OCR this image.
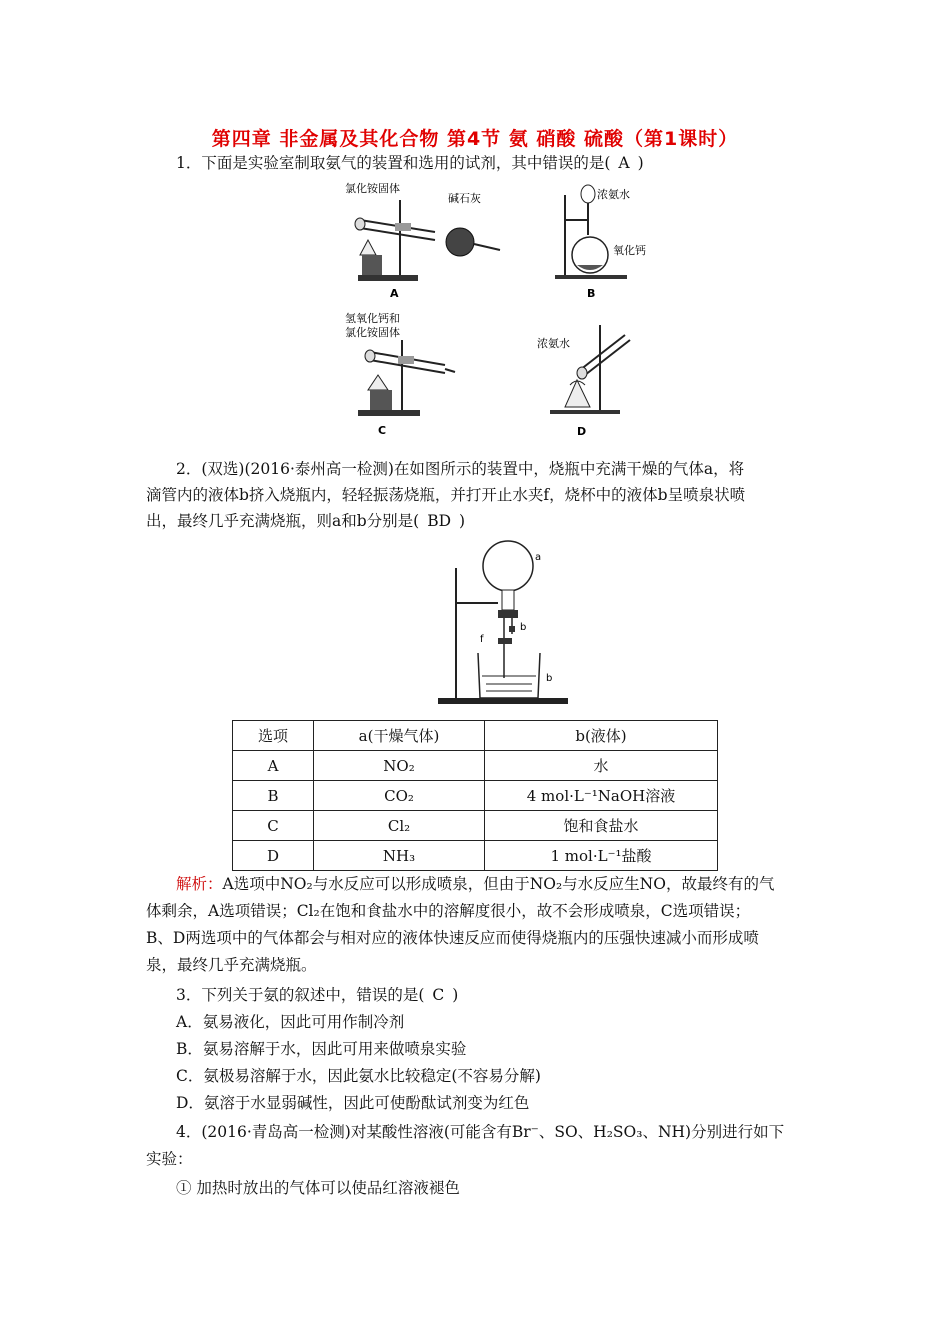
第四章 非金属及其化合物 第4节 氨 硝酸 硫酸（第1课时）
1．下面是实验室制取氨气的装置和选用的试剂，其中错误的是( A )
氯化铵固体
碱石灰
A
浓氨水
氧化钙
B
氢氧化钙和
氯化铵固体
C
浓氨水
D
2．(双选)(2016·泰州高一检测)在如图所示的装置中，烧瓶中充满干燥的气体a，将
滴管内的液体b挤入烧瓶内，轻轻振荡烧瓶，并打开止水夹f，烧杯中的液体b呈喷泉状喷
出，最终几乎充满烧瓶，则a和b分别是( BD )
a
b
f
b
选项	a(干燥气体)	b(液体)
A	NO₂	水
B	CO₂	4 mol·L⁻¹NaOH溶液
C	Cl₂	饱和食盐水
D	NH₃	1 mol·L⁻¹盐酸
解析：A选项中NO₂与水反应可以形成喷泉，但由于NO₂与水反应生NO，故最终有的气
体剩余，A选项错误；Cl₂在饱和食盐水中的溶解度很小，故不会形成喷泉，C选项错误；
B、D两选项中的气体都会与相对应的液体快速反应而使得烧瓶内的压强快速减小而形成喷
泉，最终几乎充满烧瓶。
3．下列关于氨的叙述中，错误的是( C )
A．氨易液化，因此可用作制冷剂
B．氨易溶解于水，因此可用来做喷泉实验
C．氨极易溶解于水，因此氨水比较稳定(不容易分解)
D．氨溶于水显弱碱性，因此可使酚酞试剂变为红色
4．(2016·青岛高一检测)对某酸性溶液(可能含有Br⁻、SO、H₂SO₃、NH)分别进行如下
实验：
① 加热时放出的气体可以使品红溶液褪色
